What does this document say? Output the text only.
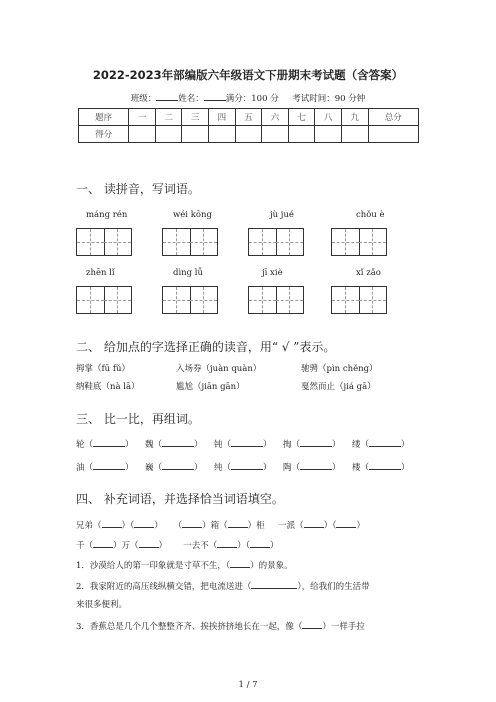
2022-2023年部编版六年级语文下册期末考试题（含答案）
班级：	姓名：	满分：100 分 考试时间：90 分钟
题序	一	二	三	四	五	六	七	八	九	总分
得分										
一、 读拼音，写词语。
máng rén	wéi kōng	jù jué	chǒu è
zhēn lǐ	dìng lǚ	jī xiè	xǐ zǎo
二、 给加点的字选择正确的读音，用“ √ ”表示。
拇掌（fū fǔ）	入场券（juàn quàn）	驰骋（pìn chěng）
纳鞋底（nà lā）	尴尬（jiān gān）	戛然而止（jiá gā）
三、 比一比，再组词。
轮（	） 魏（	） 钝（	） 掏（	） 缕（	）
油（	） 巍（	） 纯（	） 陶（	） 楼（	）
四、 补充词语，并选择恰当词语填空。
兄弟（ ）（ ） （ ）箱（ ）柜 一派（ ）（ ）
千（ ）万（ ） 一去不（ ）（ ）
1．沙漠给人的第一印象就是寸草不生，（ ）的景象。
2．我家附近的高压线纵横交错，把电流送进（	），给我们的生活带
来很多便利。
3．香蕉总是几个几个整整齐齐、挨挨挤挤地长在一起，像（ ）一样手拉
1 / 7
